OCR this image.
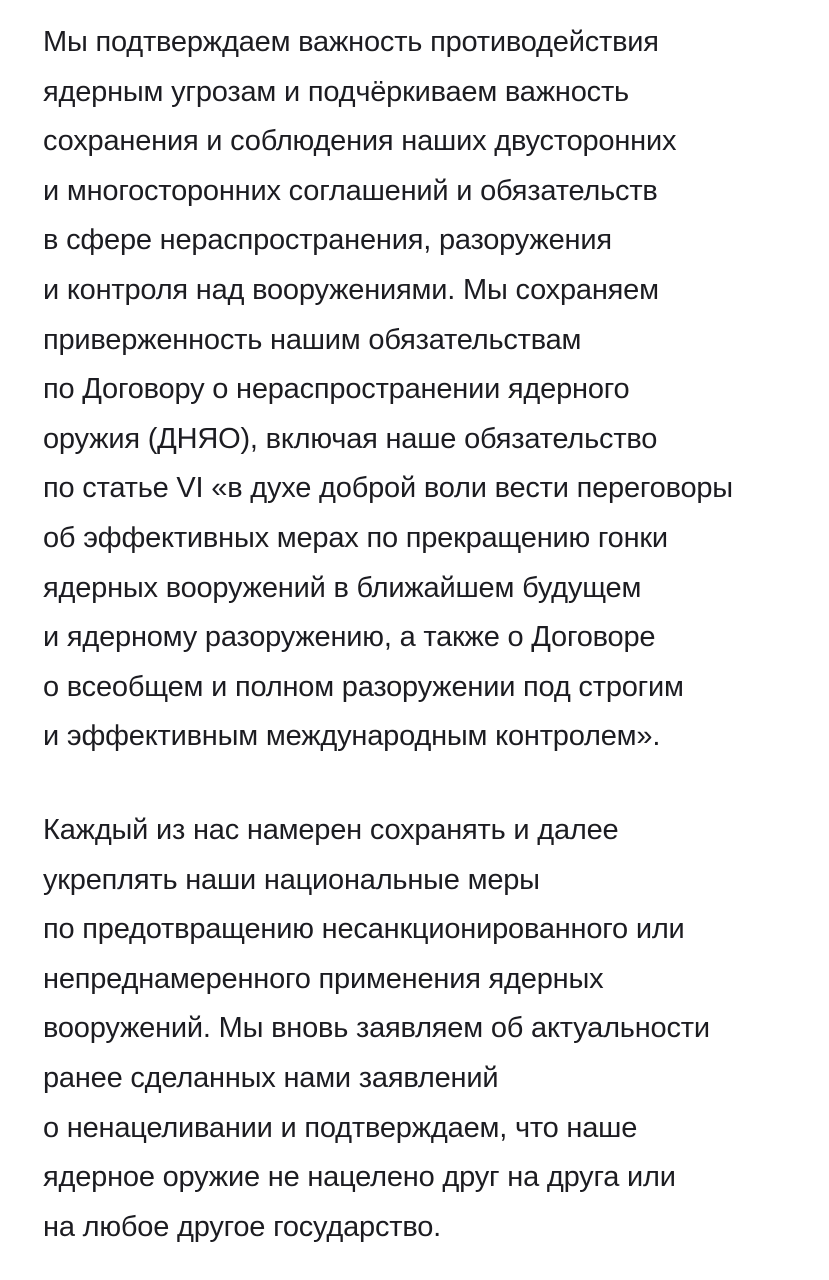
Мы подтверждаем важность противодействия
ядерным угрозам и подчёркиваем важность
сохранения и соблюдения наших двусторонних
и многосторонних соглашений и обязательств
в сфере нераспространения, разоружения
и контроля над вооружениями. Мы сохраняем
приверженность нашим обязательствам
по Договору о нераспространении ядерного
оружия (ДНЯО), включая наше обязательство
по статье VI «в духе доброй воли вести переговоры
об эффективных мерах по прекращению гонки
ядерных вооружений в ближайшем будущем
и ядерному разоружению, а также о Договоре
о всеобщем и полном разоружении под строгим
и эффективным международным контролем».
Каждый из нас намерен сохранять и далее
укреплять наши национальные меры
по предотвращению несанкционированного или
непреднамеренного применения ядерных
вооружений. Мы вновь заявляем об актуальности
ранее сделанных нами заявлений
о ненацеливании и подтверждаем, что наше
ядерное оружие не нацелено друг на друга или
на любое другое государство.
